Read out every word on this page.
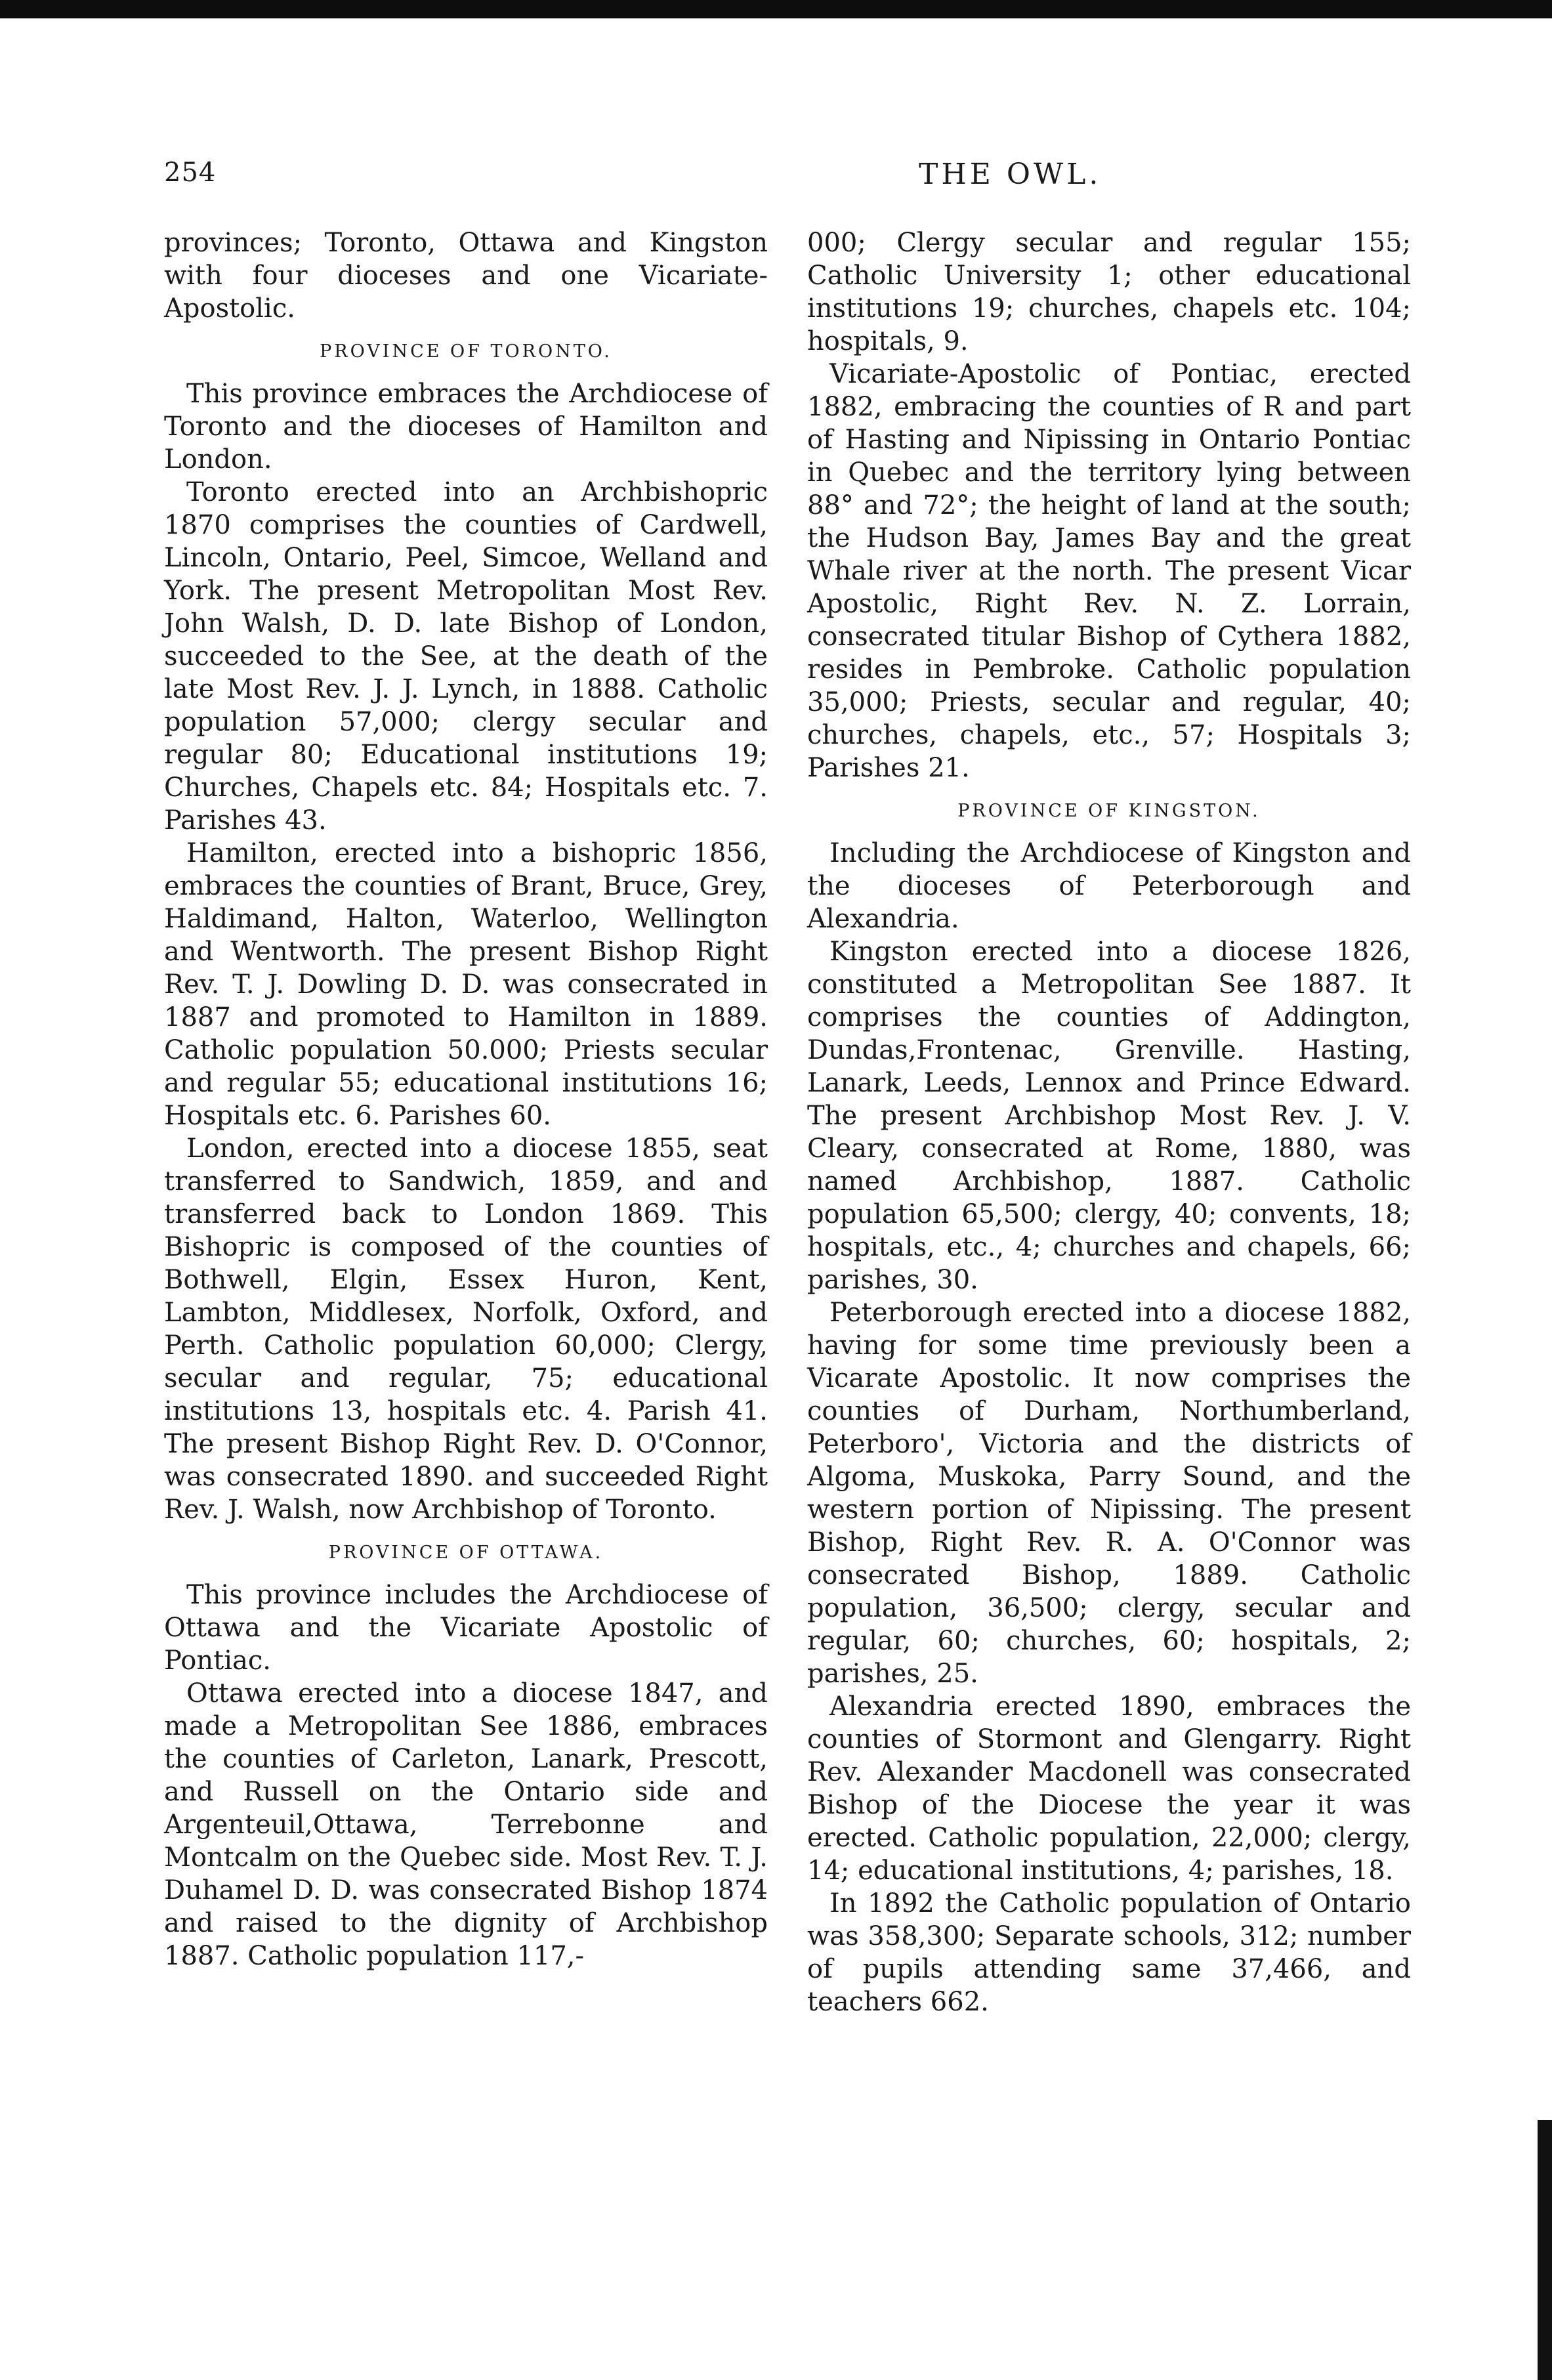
254	THE OWL.

provinces; Toronto, Ottawa and Kingston with four dioceses and one Vicariate-Apostolic.

PROVINCE OF TORONTO.

This province embraces the Archdiocese of Toronto and the dioceses of Hamilton and London.

Toronto erected into an Archbishopric 1870 comprises the counties of Cardwell, Lincoln, Ontario, Peel, Simcoe, Welland and York. The present Metropolitan Most Rev. John Walsh, D. D. late Bishop of London, succeeded to the See, at the death of the late Most Rev. J. J. Lynch, in 1888. Catholic population 57,000; clergy secular and regular 80; Educational institutions 19; Churches, Chapels etc. 84; Hospitals etc. 7. Parishes 43.

Hamilton, erected into a bishopric 1856, embraces the counties of Brant, Bruce, Grey, Haldimand, Halton, Waterloo, Wellington and Wentworth. The present Bishop Right Rev. T. J. Dowling D. D. was consecrated in 1887 and promoted to Hamilton in 1889. Catholic population 50.000; Priests secular and regular 55; educational institutions 16; Hospitals etc. 6. Parishes 60.

London, erected into a diocese 1855, seat transferred to Sandwich, 1859, and and transferred back to London 1869. This Bishopric is composed of the counties of Bothwell, Elgin, Essex Huron, Kent, Lambton, Middlesex, Norfolk, Oxford, and Perth. Catholic population 60,000; Clergy, secular and regular, 75; educational institutions 13, hospitals etc. 4. Parish 41. The present Bishop Right Rev. D. O'Connor, was consecrated 1890. and succeeded Right Rev. J. Walsh, now Archbishop of Toronto.

PROVINCE OF OTTAWA.

This province includes the Archdiocese of Ottawa and the Vicariate Apostolic of Pontiac.

Ottawa erected into a diocese 1847, and made a Metropolitan See 1886, embraces the counties of Carleton, Lanark, Prescott, and Russell on the Ontario side and Argenteuil,Ottawa, Terrebonne and Montcalm on the Quebec side. Most Rev. T. J. Duhamel D. D. was consecrated Bishop 1874 and raised to the dignity of Archbishop 1887. Catholic population 117,-

000; Clergy secular and regular 155; Catholic University 1; other educational institutions 19; churches, chapels etc. 104; hospitals, 9.

Vicariate-Apostolic of Pontiac, erected 1882, embracing the counties of R and part of Hasting and Nipissing in Ontario Pontiac in Quebec and the territory lying between 88° and 72°; the height of land at the south; the Hudson Bay, James Bay and the great Whale river at the north. The present Vicar Apostolic, Right Rev. N. Z. Lorrain, consecrated titular Bishop of Cythera 1882, resides in Pembroke. Catholic population 35,000; Priests, secular and regular, 40; churches, chapels, etc., 57; Hospitals 3; Parishes 21.

PROVINCE OF KINGSTON.

Including the Archdiocese of Kingston and the dioceses of Peterborough and Alexandria.

Kingston erected into a diocese 1826, constituted a Metropolitan See 1887. It comprises the counties of Addington, Dundas,Frontenac, Grenville. Hasting, Lanark, Leeds, Lennox and Prince Edward. The present Archbishop Most Rev. J. V. Cleary, consecrated at Rome, 1880, was named Archbishop, 1887. Catholic population 65,500; clergy, 40; convents, 18; hospitals, etc., 4; churches and chapels, 66; parishes, 30.

Peterborough erected into a diocese 1882, having for some time previously been a Vicarate Apostolic. It now comprises the counties of Durham, Northumberland, Peterboro', Victoria and the districts of Algoma, Muskoka, Parry Sound, and the western portion of Nipissing. The present Bishop, Right Rev. R. A. O'Connor was consecrated Bishop, 1889. Catholic population, 36,500; clergy, secular and regular, 60; churches, 60; hospitals, 2; parishes, 25.

Alexandria erected 1890, embraces the counties of Stormont and Glengarry. Right Rev. Alexander Macdonell was consecrated Bishop of the Diocese the year it was erected. Catholic population, 22,000; clergy, 14; educational institutions, 4; parishes, 18.

In 1892 the Catholic population of Ontario was 358,300; Separate schools, 312; number of pupils attending same 37,466, and teachers 662.
